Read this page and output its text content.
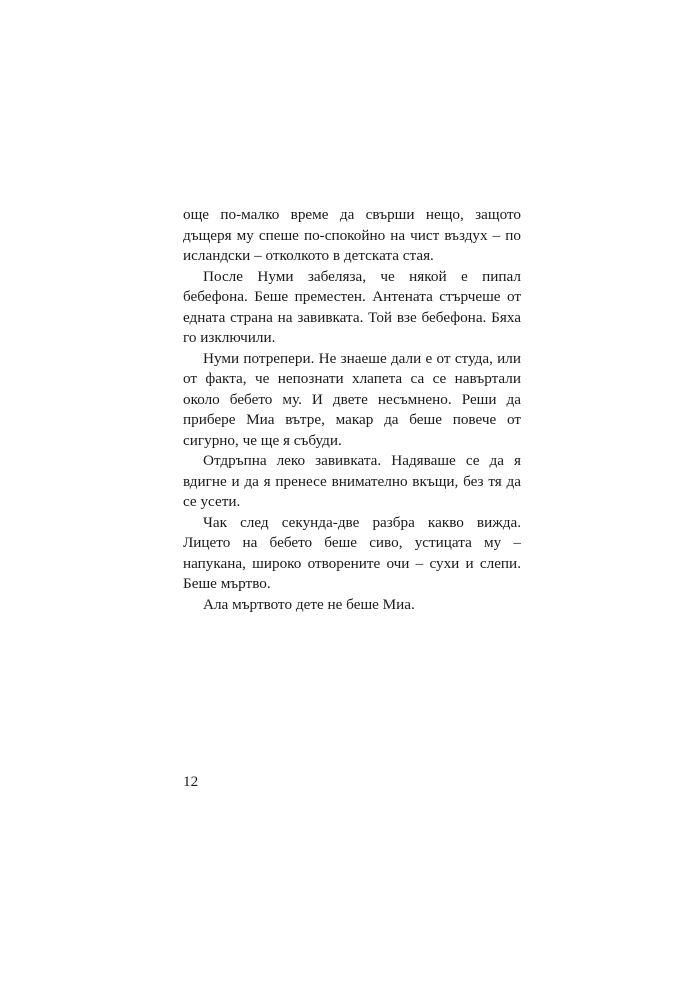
още по-малко време да свърши нещо, защото дъщеря му спеше по-спокойно на чист въздух – по исландски – отколкото в детската стая.

После Нуми забеляза, че някой е пипал бебефона. Беше преместен. Антената стърчеше от едната страна на завивката. Той взе бебефона. Бяха го изключили.

Нуми потрепери. Не знаеше дали е от студа, или от факта, че непознати хлапета са се навъртали около бебето му. И двете несъмнено. Реши да прибере Миа вътре, макар да беше повече от сигурно, че ще я събуди.

Отдръпна леко завивката. Надяваше се да я вдигне и да я пренесе внимателно вкъщи, без тя да се усети.

Чак след секунда-две разбра какво вижда. Лицето на бебето беше сиво, устицата му – напукана, широко отворените очи – сухи и слепи. Беше мъртво.

Ала мъртвото дете не беше Миа.

12
